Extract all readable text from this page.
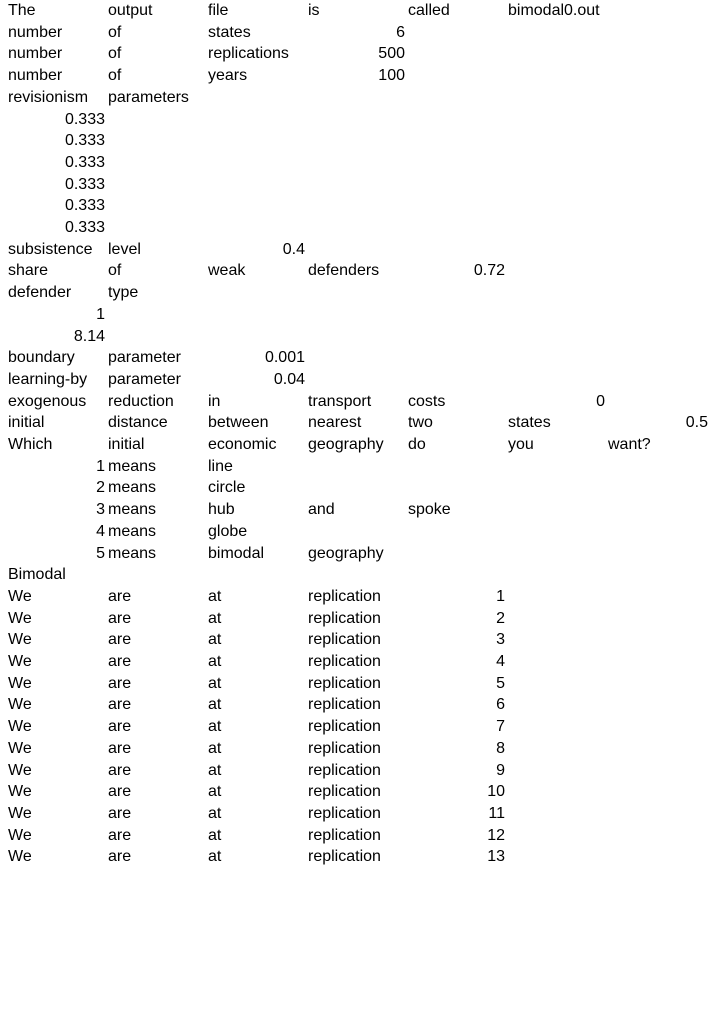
The	output	file	is	called	bimodal0.out
number	of	states	6
number	of	replications	500
number	of	years	100
revisionism	parameters
0.333
0.333
0.333
0.333
0.333
0.333
subsistence level	0.4
share	of	weak	defenders	0.72
defender	type
1
8.14
boundary	parameter	0.001
learning-by	parameter	0.04
exogenous	reduction	in	transport	costs	0
initial	distance	between	nearest	two	states	0.5
Which	initial	economic	geography	do	you	want?
1 means	line
2 means	circle
3 means	hub	and	spoke
4 means	globe
5 means	bimodal	geography
Bimodal
We	are	at	replication	1
We	are	at	replication	2
We	are	at	replication	3
We	are	at	replication	4
We	are	at	replication	5
We	are	at	replication	6
We	are	at	replication	7
We	are	at	replication	8
We	are	at	replication	9
We	are	at	replication	10
We	are	at	replication	11
We	are	at	replication	12
We	are	at	replication	13
